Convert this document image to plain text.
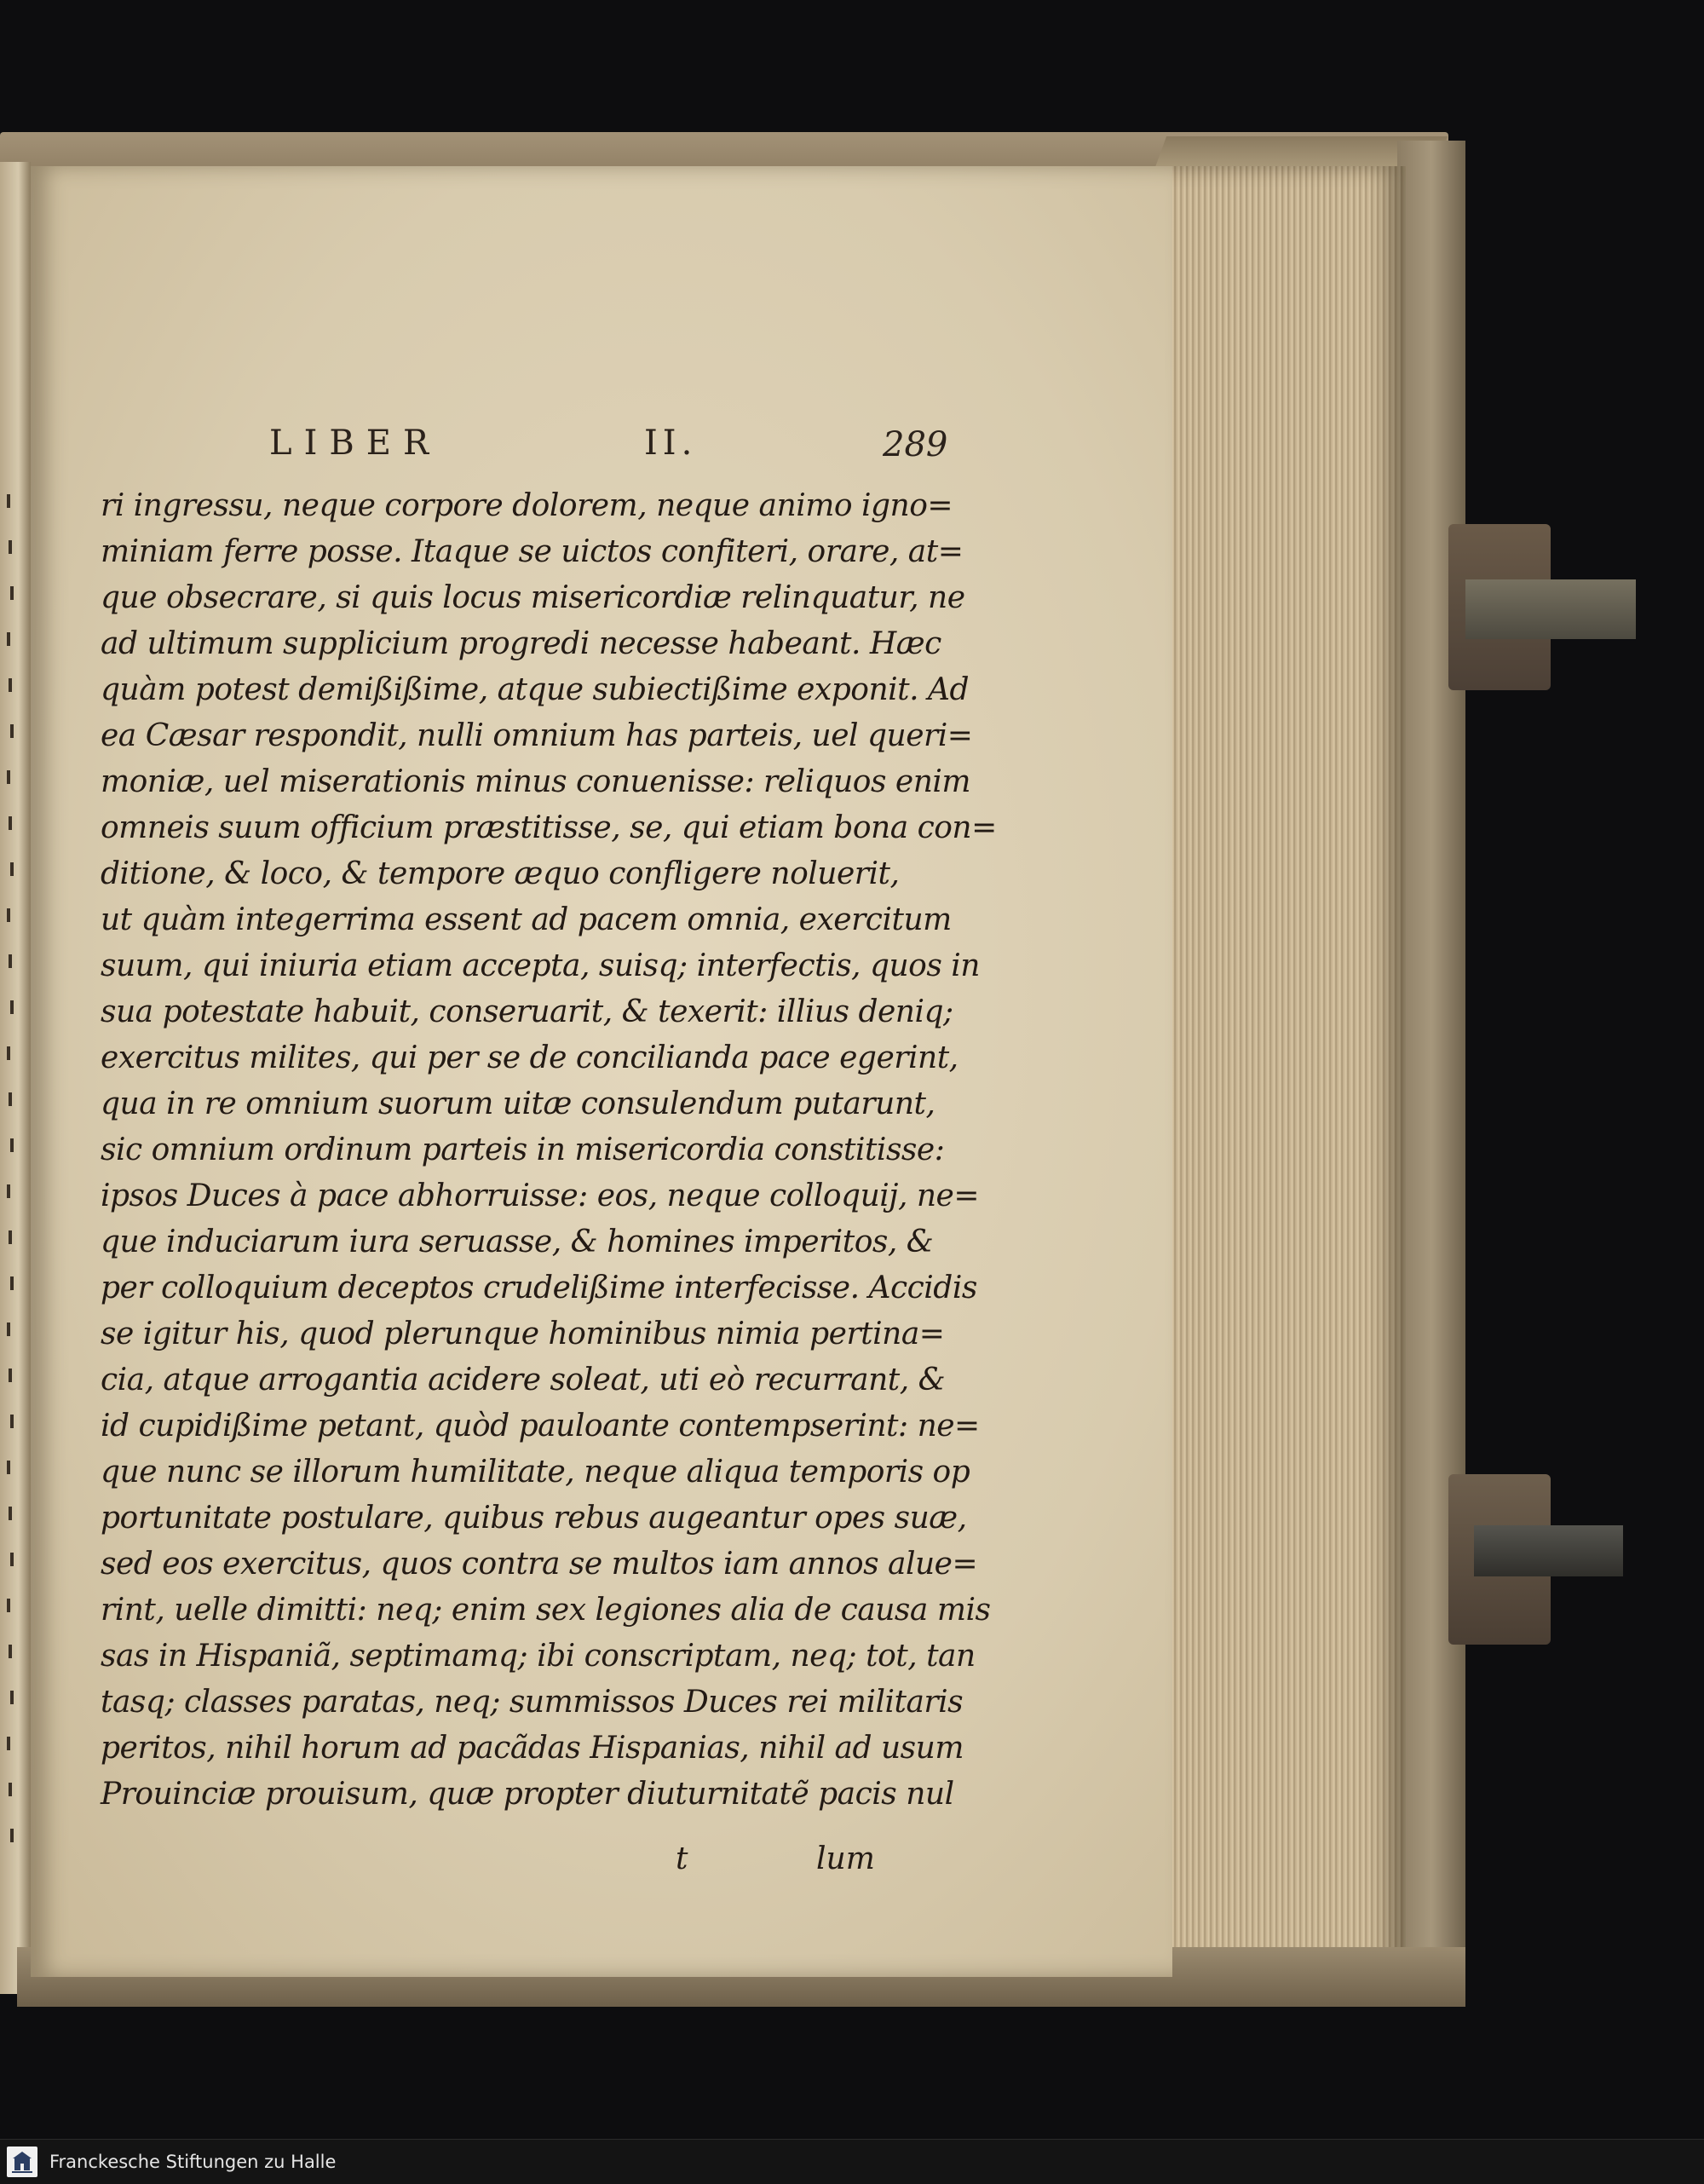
LIBER	II.	289
ri ingressu, neque corpore dolorem, neque animo igno=
miniam ferre posse. Itaque se uictos confiteri, orare, at=
que obsecrare, si quis locus misericordiæ relinquatur, ne
ad ultimum supplicium progredi necesse habeant. Hæc
quàm potest demißißime, atque subiectißime exponit. Ad
ea Cæsar respondit, nulli omnium has parteis, uel queri=
moniæ, uel miserationis minus conuenisse: reliquos enim
omneis suum officium præstitisse, se, qui etiam bona con=
ditione, & loco, & tempore æquo confligere noluerit,
ut quàm integerrima essent ad pacem omnia, exercitum
suum, qui iniuria etiam accepta, suisq; interfectis, quos in
sua potestate habuit, conseruarit, & texerit: illius deniq;
exercitus milites, qui per se de concilianda pace egerint,
qua in re omnium suorum uitæ consulendum putarunt,
sic omnium ordinum parteis in misericordia constitisse:
ipsos Duces à pace abhorruisse: eos, neque colloquij, ne=
que induciarum iura seruasse, & homines imperitos, &
per colloquium deceptos crudelißime interfecisse. Accidis
se igitur his, quod plerunque hominibus nimia pertina=
cia, atque arrogantia acidere soleat, uti eò recurrant, &
id cupidißime petant, quòd pauloante contempserint: ne=
que nunc se illorum humilitate, neque aliqua temporis op
portunitate postulare, quibus rebus augeantur opes suæ,
sed eos exercitus, quos contra se multos iam annos alue=
rint, uelle dimitti: neq; enim sex legiones alia de causa mis
sas in Hispaniã, septimamq; ibi conscriptam, neq; tot, tan
tasq; classes paratas, neq; summissos Duces rei militaris
peritos, nihil horum ad pacãdas Hispanias, nihil ad usum
Prouinciæ prouisum, quæ propter diuturnitatẽ pacis nul
t	lum
Franckesche Stiftungen zu Halle
